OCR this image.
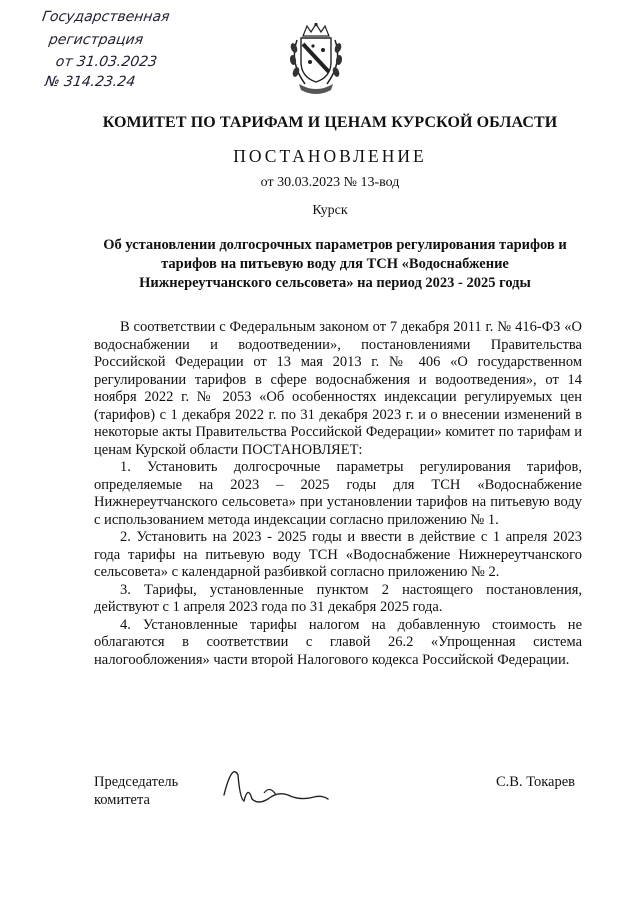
Государственная
регистрация
от 31.03.2023
№ 314.23.24
КОМИТЕТ ПО ТАРИФАМ И ЦЕНАМ КУРСКОЙ ОБЛАСТИ
ПОСТАНОВЛЕНИЕ
от 30.03.2023 № 13-вод
Курск
Об установлении долгосрочных параметров регулирования тарифов и
тарифов на питьевую воду для ТСН «Водоснабжение
Нижнереутчанского сельсовета» на период 2023 - 2025 годы

В соответствии с Федеральным законом от 7 декабря 2011 г. № 416-ФЗ «О водоснабжении и водоотведении», постановлениями Правительства Российской Федерации от 13 мая 2013 г. № 406 «О государственном регулировании тарифов в сфере водоснабжения и водоотведения», от 14 ноября 2022 г. № 2053 «Об особенностях индексации регулируемых цен (тарифов) с 1 декабря 2022 г. по 31 декабря 2023 г. и о внесении изменений в некоторые акты Правительства Российской Федерации» комитет по тарифам и ценам Курской области ПОСТАНОВЛЯЕТ:

1. Установить долгосрочные параметры регулирования тарифов, определяемые на 2023 – 2025 годы для ТСН «Водоснабжение Нижнереутчанского сельсовета» при установлении тарифов на питьевую воду с использованием метода индексации согласно приложению № 1.

2. Установить на 2023 - 2025 годы и ввести в действие с 1 апреля 2023 года тарифы на питьевую воду ТСН «Водоснабжение Нижнереутчанского сельсовета» с календарной разбивкой согласно приложению № 2.

3. Тарифы, установленные пунктом 2 настоящего постановления, действуют с 1 апреля 2023 года по 31 декабря 2025 года.

4. Установленные тарифы налогом на добавленную стоимость не облагаются в соответствии с главой 26.2 «Упрощенная система налогообложения» части второй Налогового кодекса Российской Федерации.

Председатель
комитета
С.В. Токарев
